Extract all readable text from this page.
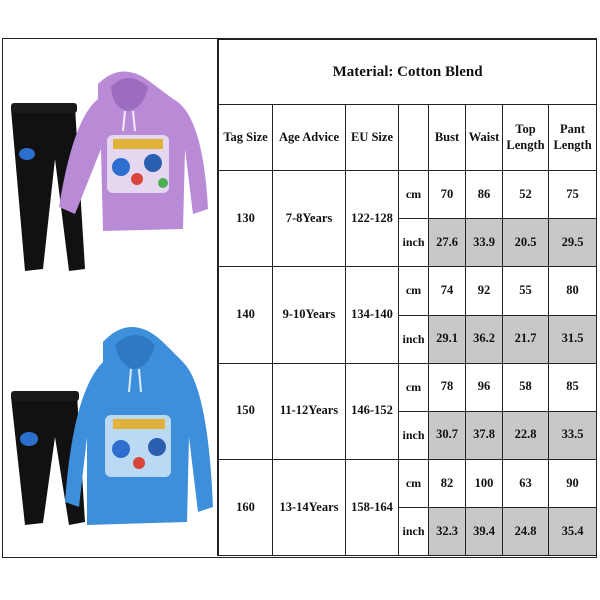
Material: Cotton Blend							
Tag Size	Age Advice	EU Size		Bust	Waist	Top Length	Pant Length
130	7-8Years	122-128	cm	70	86	52	75
			inch	27.6	33.9	20.5	29.5
140	9-10Years	134-140	cm	74	92	55	80
			inch	29.1	36.2	21.7	31.5
150	11-12Years	146-152	cm	78	96	58	85
			inch	30.7	37.8	22.8	33.5
160	13-14Years	158-164	cm	82	100	63	90
			inch	32.3	39.4	24.8	35.4
